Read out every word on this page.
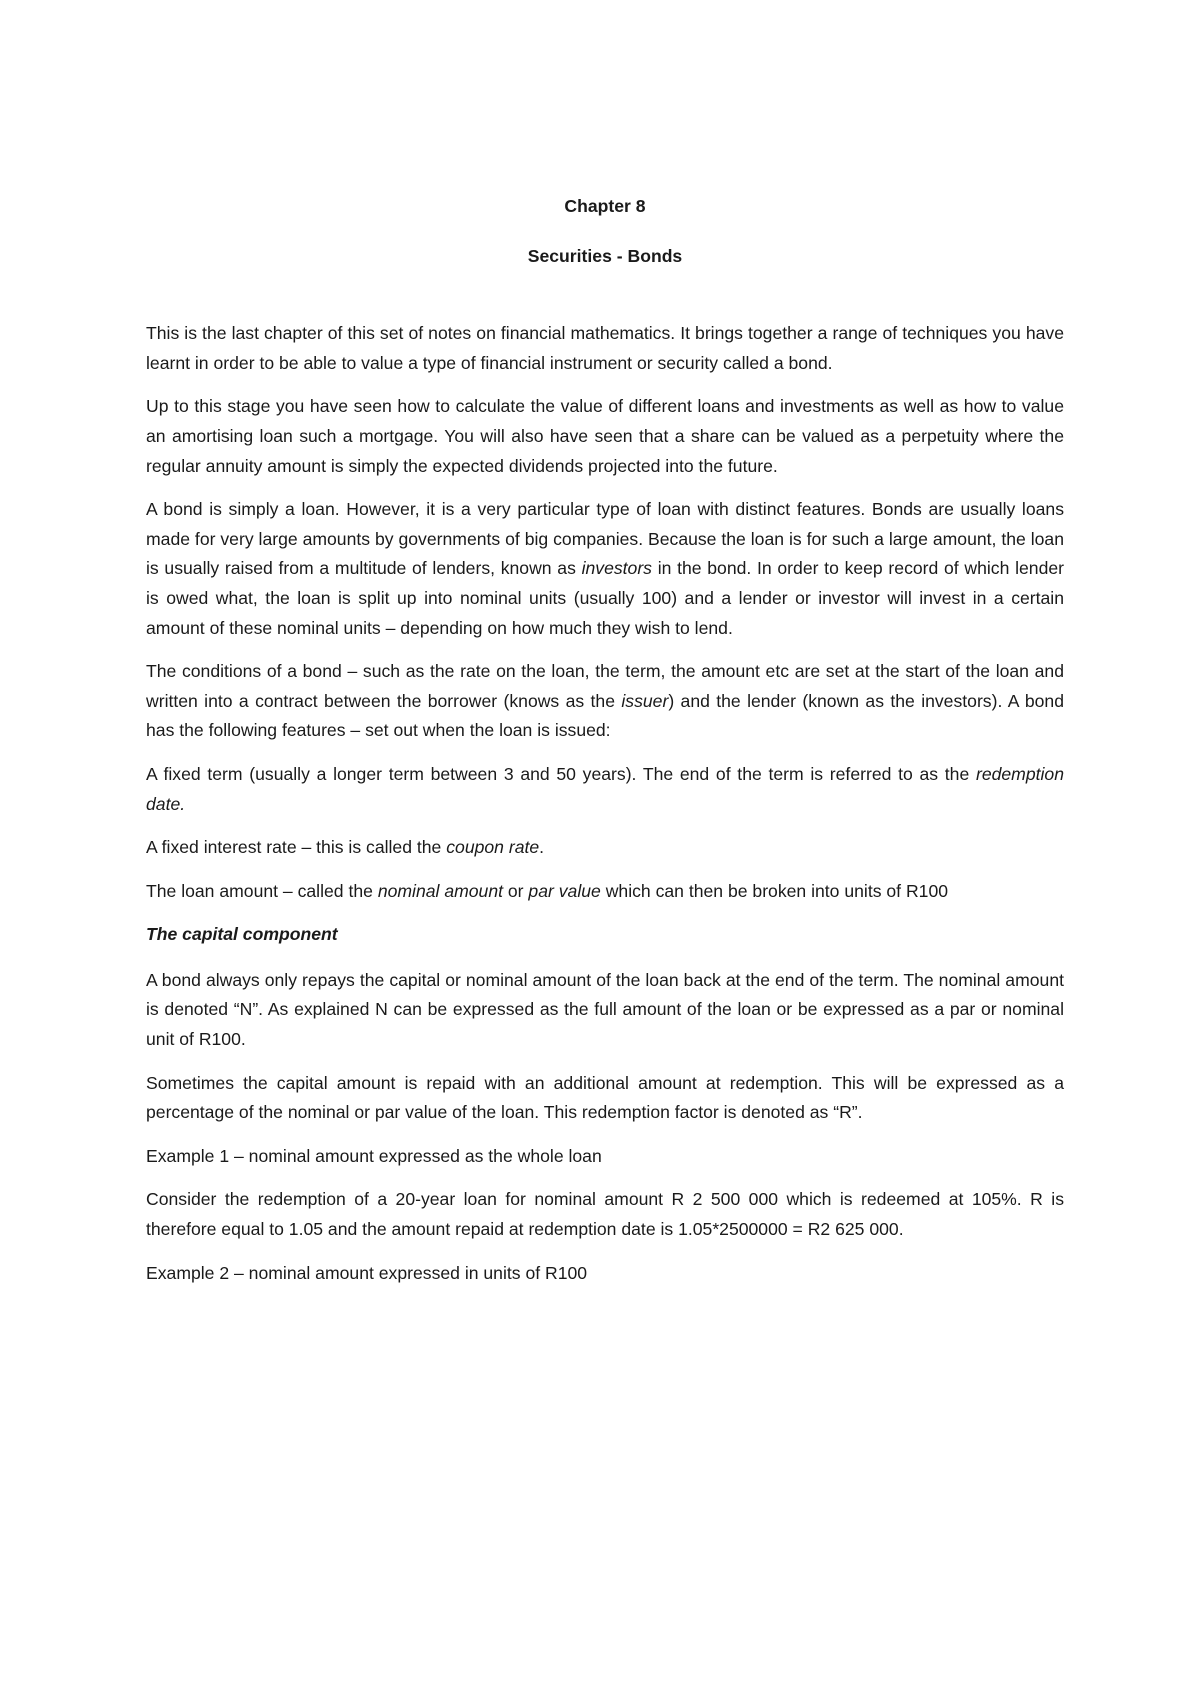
Chapter 8

Securities - Bonds

This is the last chapter of this set of notes on financial mathematics. It brings together a range of techniques you have learnt in order to be able to value a type of financial instrument or security called a bond.

Up to this stage you have seen how to calculate the value of different loans and investments as well as how to value an amortising loan such a mortgage. You will also have seen that a share can be valued as a perpetuity where the regular annuity amount is simply the expected dividends projected into the future.

A bond is simply a loan. However, it is a very particular type of loan with distinct features. Bonds are usually loans made for very large amounts by governments of big companies. Because the loan is for such a large amount, the loan is usually raised from a multitude of lenders, known as investors in the bond. In order to keep record of which lender is owed what, the loan is split up into nominal units (usually 100) and a lender or investor will invest in a certain amount of these nominal units – depending on how much they wish to lend.

The conditions of a bond – such as the rate on the loan, the term, the amount etc are set at the start of the loan and written into a contract between the borrower (knows as the issuer) and the lender (known as the investors). A bond has the following features – set out when the loan is issued:

A fixed term (usually a longer term between 3 and 50 years). The end of the term is referred to as the redemption date.

A fixed interest rate – this is called the coupon rate.

The loan amount – called the nominal amount or par value which can then be broken into units of R100

The capital component

A bond always only repays the capital or nominal amount of the loan back at the end of the term. The nominal amount is denoted “N”. As explained N can be expressed as the full amount of the loan or be expressed as a par or nominal unit of R100.

Sometimes the capital amount is repaid with an additional amount at redemption. This will be expressed as a percentage of the nominal or par value of the loan. This redemption factor is denoted as “R”.

Example 1 – nominal amount expressed as the whole loan

Consider the redemption of a 20-year loan for nominal amount R 2 500 000 which is redeemed at 105%. R is therefore equal to 1.05 and the amount repaid at redemption date is 1.05*2500000 = R2 625 000.

Example 2 – nominal amount expressed in units of R100
